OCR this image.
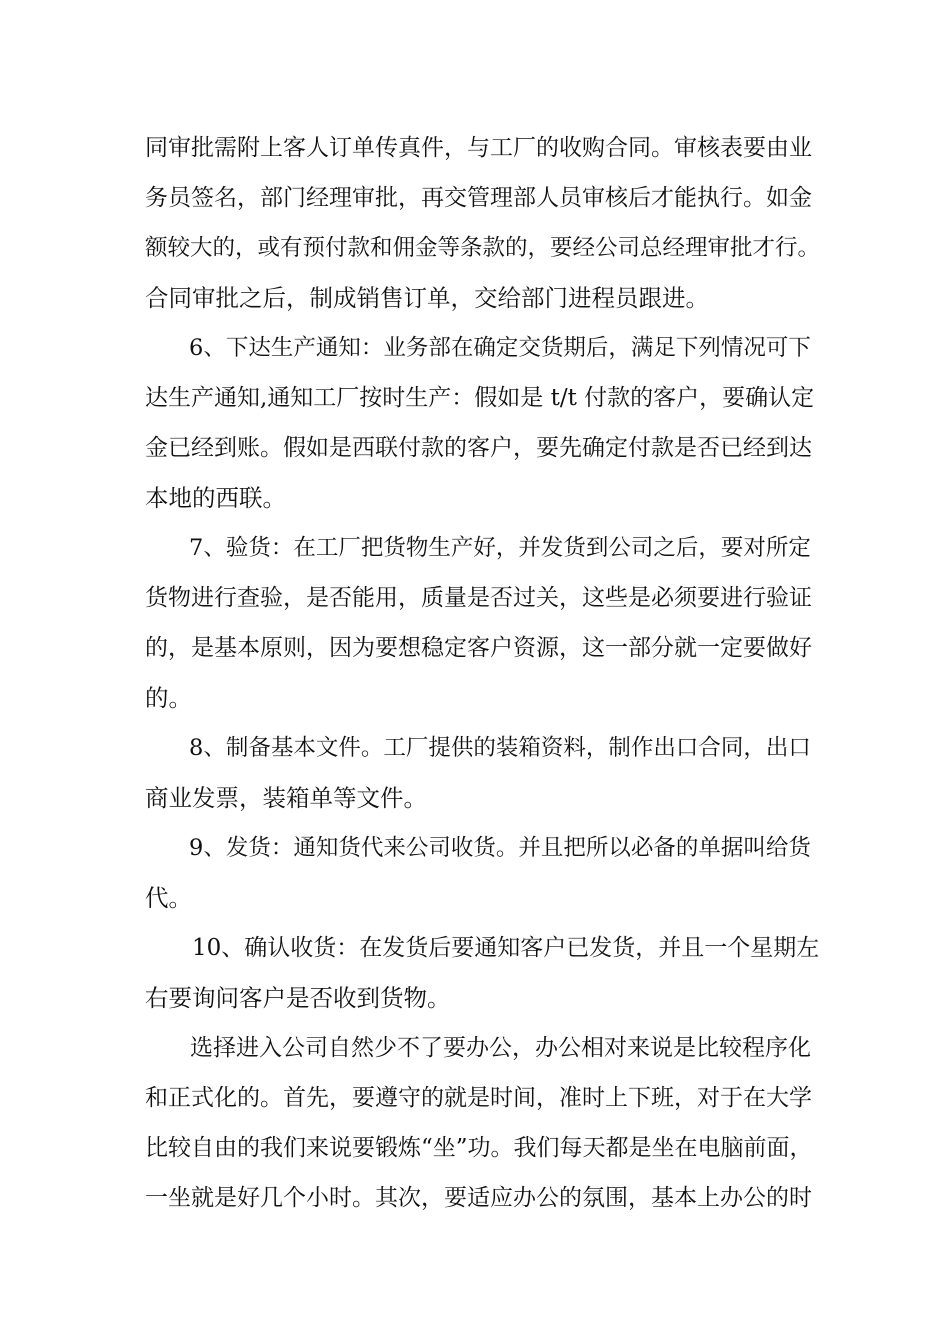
同审批需附上客人订单传真件，与工厂的收购合同。审核表要由业
务员签名，部门经理审批，再交管理部人员审核后才能执行。如金
额较大的，或有预付款和佣金等条款的，要经公司总经理审批才行。
合同审批之后，制成销售订单，交给部门进程员跟进。
6、下达生产通知：业务部在确定交货期后，满足下列情况可下
达生产通知,通知工厂按时生产：假如是 t/t 付款的客户，要确认定
金已经到账。假如是西联付款的客户，要先确定付款是否已经到达
本地的西联。
7、验货：在工厂把货物生产好，并发货到公司之后，要对所定
货物进行查验，是否能用，质量是否过关，这些是必须要进行验证
的，是基本原则，因为要想稳定客户资源，这一部分就一定要做好
的。
8、制备基本文件。工厂提供的装箱资料，制作出口合同，出口
商业发票，装箱单等文件。
9、发货：通知货代来公司收货。并且把所以必备的单据叫给货
代。
10、确认收货：在发货后要通知客户已发货，并且一个星期左
右要询问客户是否收到货物。
选择进入公司自然少不了要办公，办公相对来说是比较程序化
和正式化的。首先，要遵守的就是时间，准时上下班，对于在大学
比较自由的我们来说要锻炼“坐”功。我们每天都是坐在电脑前面，
一坐就是好几个小时。其次，要适应办公的氛围，基本上办公的时
